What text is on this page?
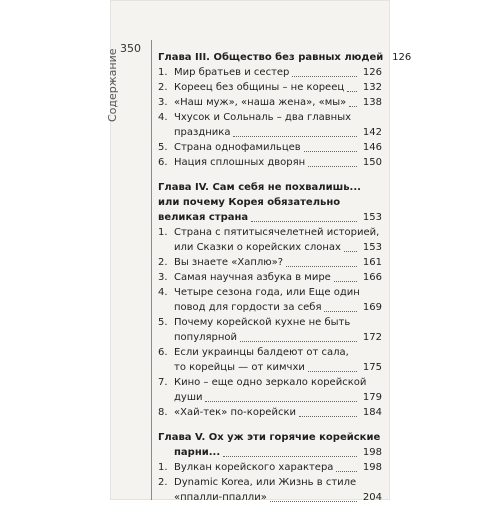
350
Содержание	Глава III. Общество без равных людей 126
1. Мир братьев и сестер	126
2. Кореец без общины – не кореец 132
3. «Наш муж», «наша жена», «мы» 138
4. Чхусок и Сольналь – два главных
праздника	142
5. Страна однофамильцев	146
6. Нация сплошных дворян	150
Глава IV. Сам себя не похвалишь...
или почему Корея обязательно
великая страна	153
1. Страна с пятитысячелетней историей,
или Сказки о корейских слонах 153
2. Вы знаете «Хаплю»?	161
3. Самая научная азбука в мире	166
4. Четыре сезона года, или Еще один
повод для гордости за себя	169
5. Почему корейской кухне не быть
популярной	172
6. Если украинцы балдеют от сала,
то корейцы — от кимчхи	175
7. Кино – еще одно зеркало корейской
души	179
8. «Хай-тек» по-корейски	184
Глава V. Ох уж эти горячие корейские
парни...	198
1. Вулкан корейского характера	198
2. Dynamic Korea, или Жизнь в стиле
«ппалли-ппалли»	204
